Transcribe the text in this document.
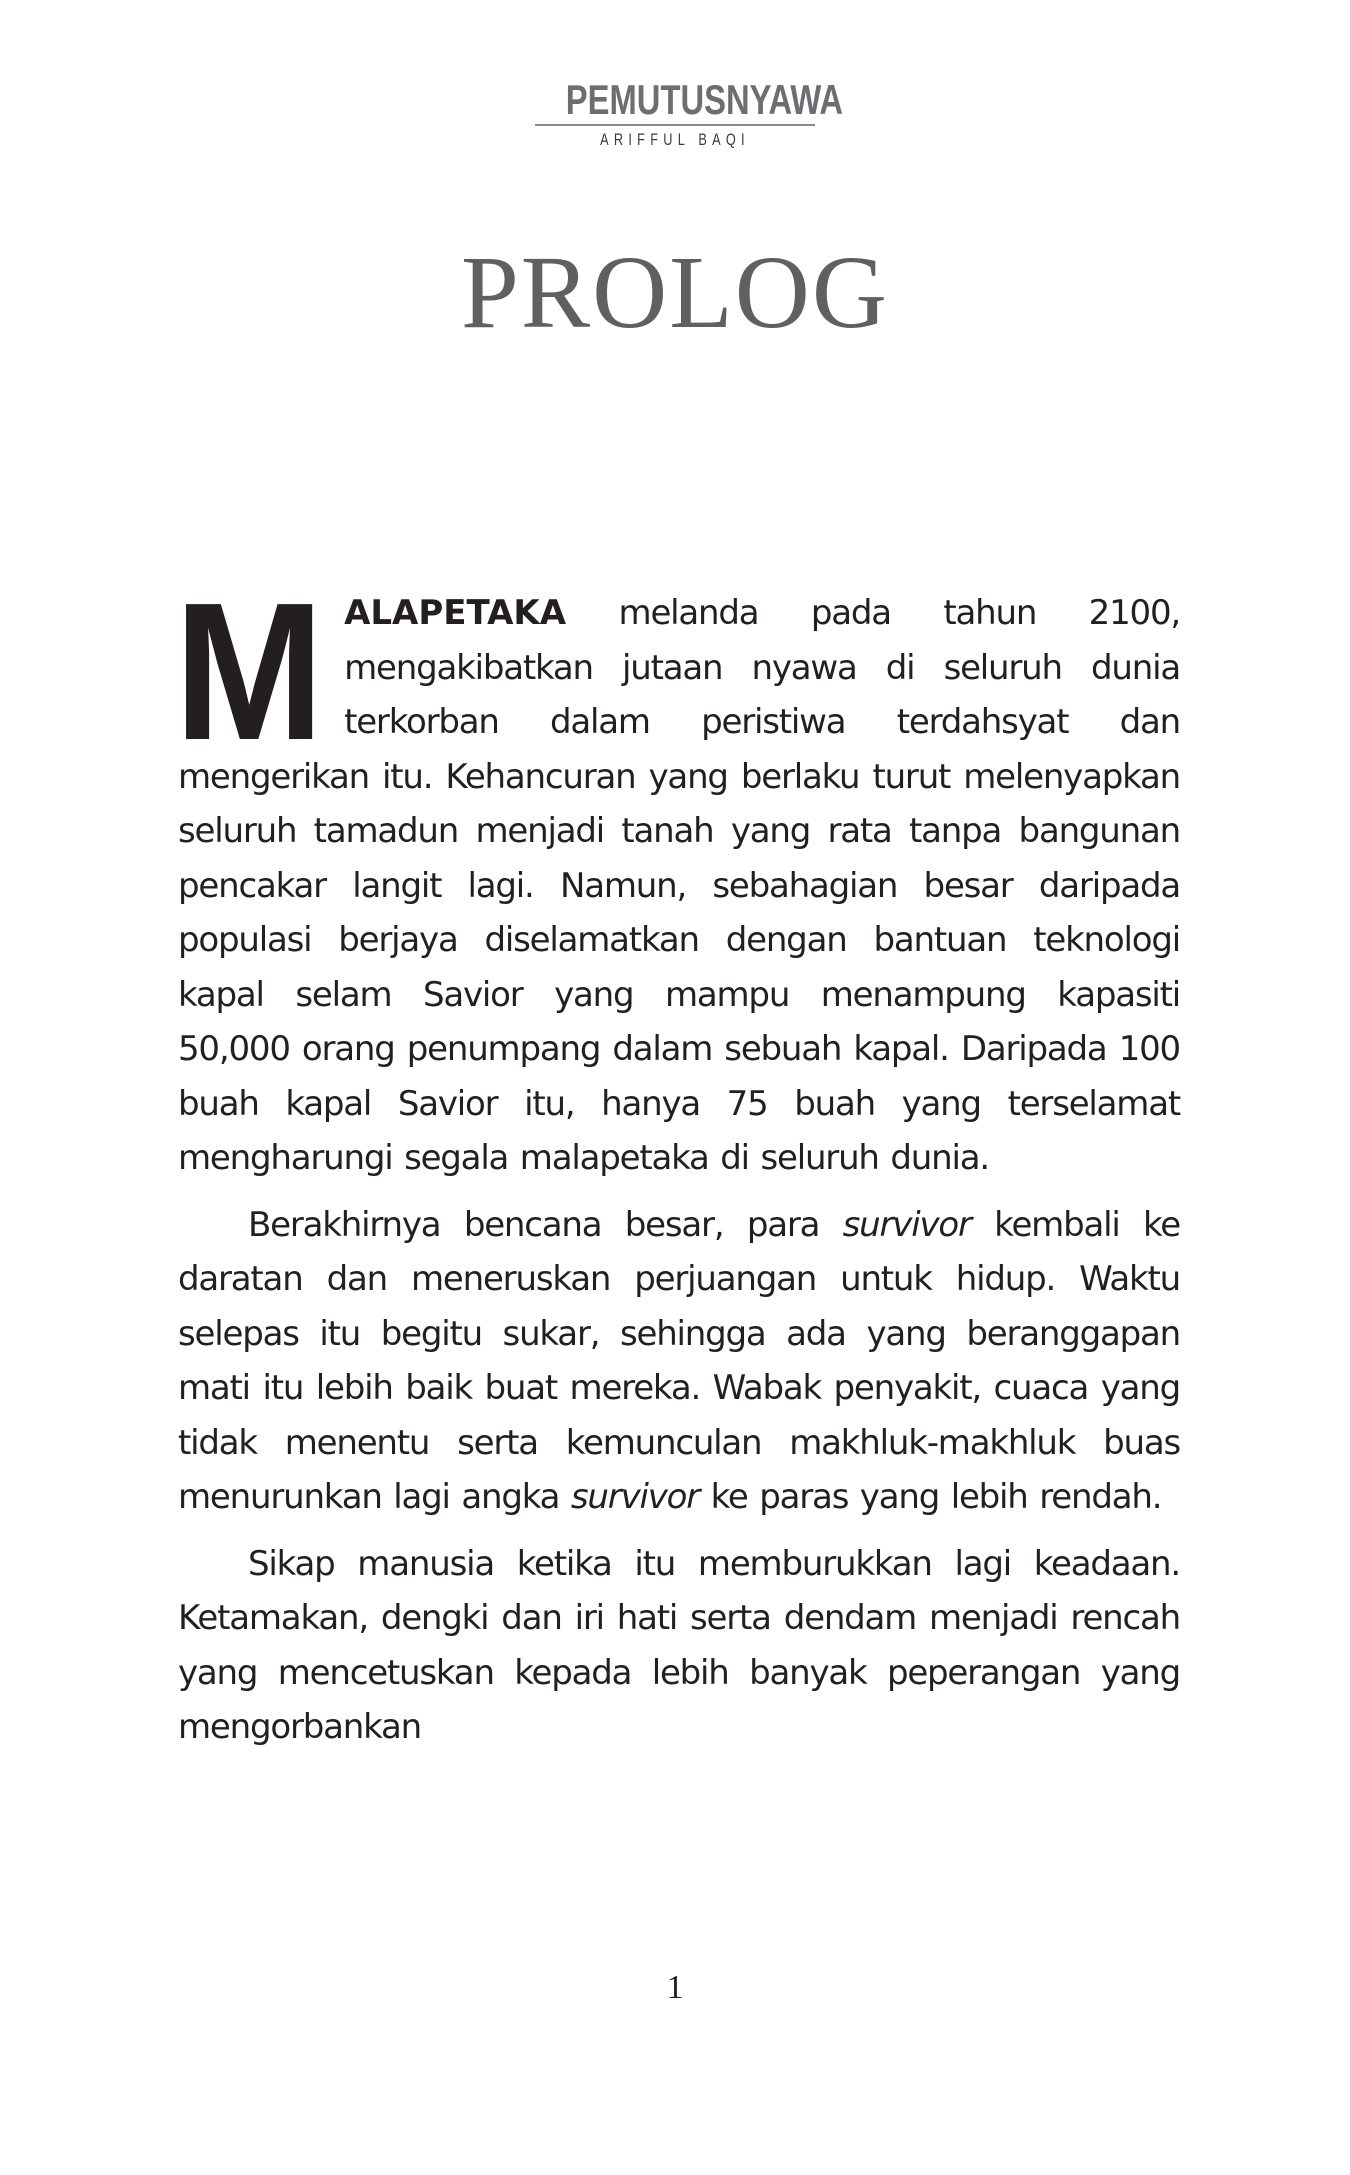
PEMUTUSNYAWA
ARIFFUL BAQI
PROLOG

MALAPETAKA melanda pada tahun 2100, mengakibatkan jutaan nyawa di seluruh dunia terkorban dalam peristiwa terdahsyat dan mengerikan itu. Kehancuran yang berlaku turut melenyapkan seluruh tamadun menjadi tanah yang rata tanpa bangunan pencakar langit lagi. Namun, sebahagian besar daripada populasi berjaya diselamatkan dengan bantuan teknologi kapal selam Savior yang mampu menampung kapasiti 50,000 orang penumpang dalam sebuah kapal. Daripada 100 buah kapal Savior itu, hanya 75 buah yang terselamat mengharungi segala malapetaka di seluruh dunia.

Berakhirnya bencana besar, para survivor kembali ke daratan dan meneruskan perjuangan untuk hidup. Waktu selepas itu begitu sukar, sehingga ada yang beranggapan mati itu lebih baik buat mereka. Wabak penyakit, cuaca yang tidak menentu serta kemunculan makhluk-makhluk buas menurunkan lagi angka survivor ke paras yang lebih rendah.

Sikap manusia ketika itu memburukkan lagi keadaan. Ketamakan, dengki dan iri hati serta dendam menjadi rencah yang mencetuskan kepada lebih banyak peperangan yang mengorbankan

1
